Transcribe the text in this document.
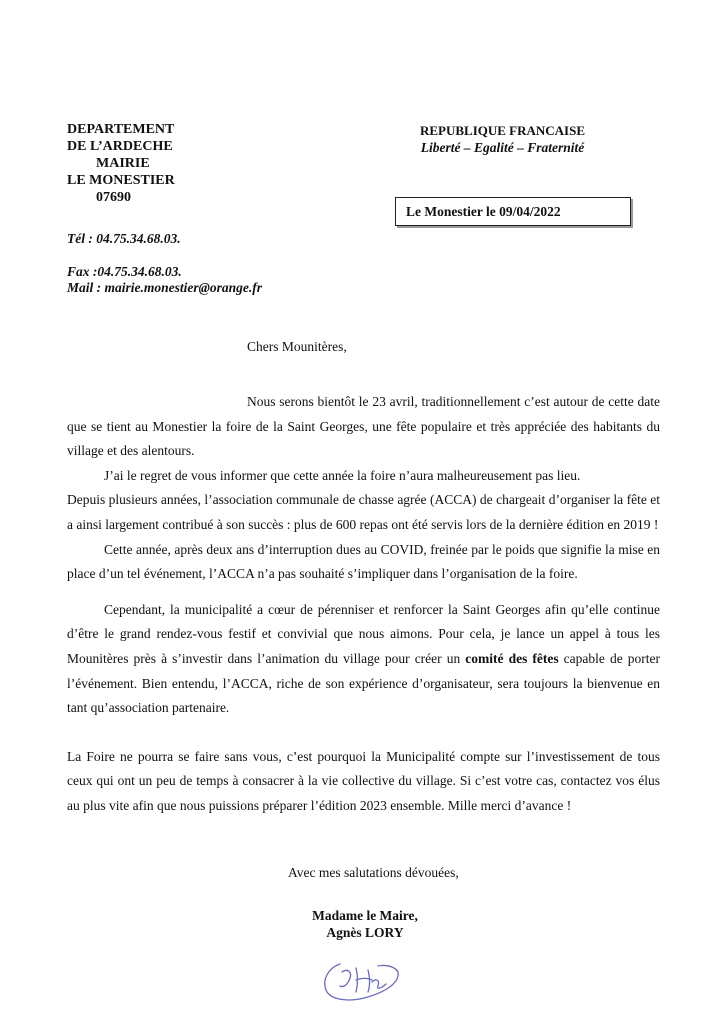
DEPARTEMENT
DE L’ARDECHE
MAIRIE
LE MONESTIER
07690
Tél : 04.75.34.68.03.
Fax :04.75.34.68.03.
Mail : mairie.monestier@orange.fr
REPUBLIQUE FRANCAISE
Liberté – Egalité – Fraternité
Le Monestier le 09/04/2022
Chers Mounitères,

Nous serons bientôt le 23 avril, traditionnellement c’est autour de cette date que se tient au Monestier la foire de la Saint Georges, une fête populaire et très appréciée des habitants du village et des alentours.

J’ai le regret de vous informer que cette année la foire n’aura malheureusement pas lieu.

Depuis plusieurs années, l’association communale de chasse agrée (ACCA) de chargeait d’organiser la fête et a ainsi largement contribué à son succès : plus de 600 repas ont été servis lors de la dernière édition en 2019 !

Cette année, après deux ans d’interruption dues au COVID, freinée par le poids que signifie la mise en place d’un tel événement, l’ACCA n’a pas souhaité s’impliquer dans l’organisation de la foire.

Cependant, la municipalité a cœur de pérenniser et renforcer la Saint Georges afin qu’elle continue d’être le grand rendez-vous festif et convivial que nous aimons. Pour cela, je lance un appel à tous les Mounitères près à s’investir dans l’animation du village pour créer un comité des fêtes capable de porter l’événement. Bien entendu, l’ACCA, riche de son expérience d’organisateur, sera toujours la bienvenue en tant qu’association partenaire.

La Foire ne pourra se faire sans vous, c’est pourquoi la Municipalité compte sur l’investissement de tous ceux qui ont un peu de temps à consacrer à la vie collective du village. Si c’est votre cas, contactez vos élus au plus vite afin que nous puissions préparer l’édition 2023 ensemble. Mille merci d’avance !

Avec mes salutations dévouées,
Madame le Maire,
Agnès LORY
